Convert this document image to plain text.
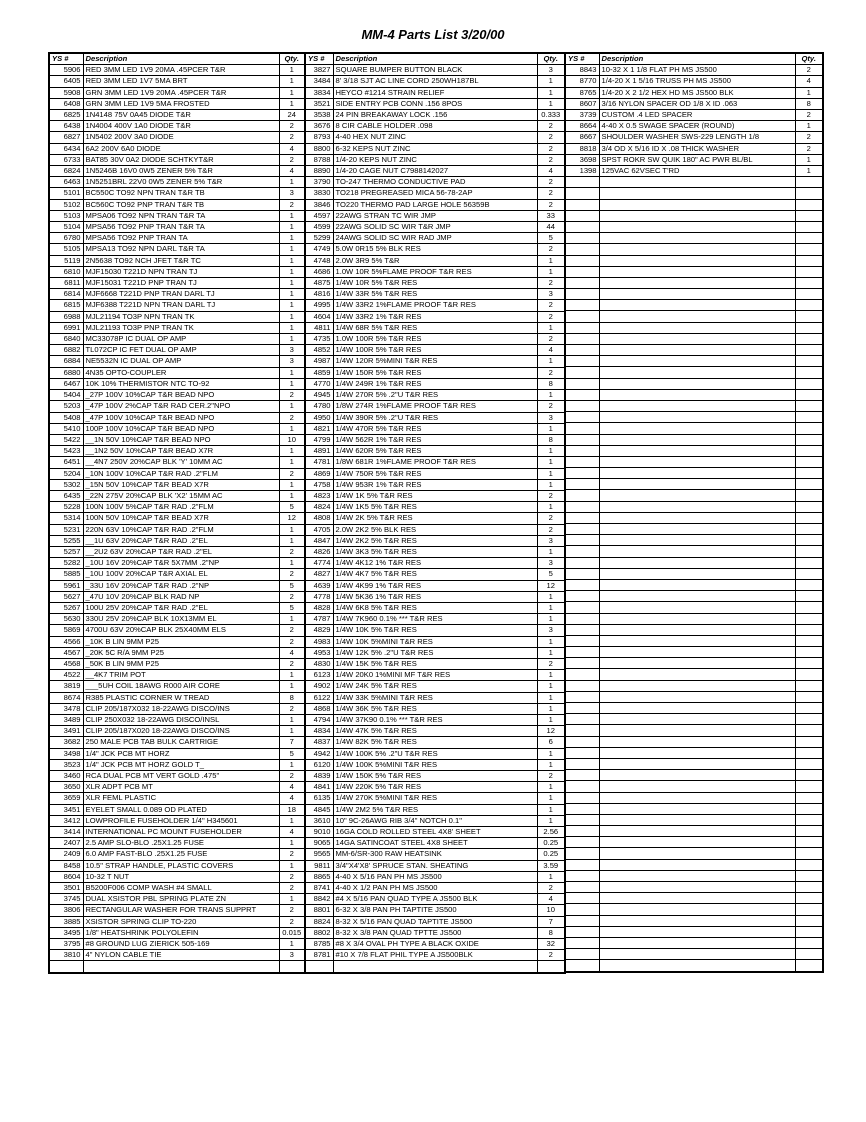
MM-4 Parts List 3/20/00
YS #	Description	Qty.
5906	RED 3MM LED 1V9 20MA .45PCER T&R	1
6405	RED 3MM LED 1V7 5MA BRT	1
5908	GRN 3MM LED 1V9 20MA .45PCER T&R	1
6408	GRN 3MM LED 1V9 5MA FROSTED	1
6825	1N4148 75V 0A45 DIODE T&R	24
6438	1N4004 400V 1A0 DIODE T&R	2
6827	1N5402 200V 3A0 DIODE	2
6434	6A2 200V 6A0 DIODE	4
6733	BAT85 30V 0A2 DIODE SCHTKYT&R	2
6824	1N5246B 16V0 0W5 ZENER 5% T&R	4
6463	1N5251BRL 22V0 0W5 ZENER 5% T&R	1
5101	BC550C TO92 NPN TRAN T&R TB	3
5102	BC560C TO92 PNP TRAN T&R TB	2
5103	MPSA06 TO92 NPN TRAN T&R TA	1
5104	MPSA56 TO92 PNP TRAN T&R TA	1
6780	MPSA56 TO92 PNP TRAN TA	1
5105	MPSA13 TO92 NPN DARL T&R TA	1
5119	2N5638 TO92 NCH JFET T&R TC	1
6810	MJF15030 T221D NPN TRAN TJ	1
6811	MJF15031 T221D PNP TRAN TJ	1
6814	MJF6668 T221D PNP TRAN DARL TJ	1
6815	MJF6388 T221D NPN TRAN DARL TJ	1
6988	MJL21194 TO3P NPN TRAN TK	1
6991	MJL21193 TO3P PNP TRAN TK	1
6840	MC33078P IC DUAL OP AMP	1
6882	TL072CP IC FET DUAL OP AMP	3
6884	NE5532N IC DUAL OP AMP	3
6880	4N35 OPTO-COUPLER	1
6467	10K 10% THERMISTOR NTC TO-92	1
5404	_27P 100V 10%CAP T&R BEAD NPO	2
5203	_47P 100V 2%CAP T&R RAD CER.2"NPO	1
5408	_47P 100V 10%CAP T&R BEAD NPO	2
5410	100P 100V 10%CAP T&R BEAD NPO	1
5422	__1N 50V 10%CAP T&R BEAD NPO	10
5423	__1N2 50V 10%CAP T&R BEAD X7R	1
6451	__4N7 250V 20%CAP BLK 'Y' 10MM AC	1
5204	_10N 100V 10%CAP T&R RAD .2"FLM	2
5302	_15N 50V 10%CAP T&R BEAD X7R	1
6435	_22N 275V 20%CAP BLK 'X2' 15MM AC	1
5228	100N 100V 5%CAP T&R RAD .2"FLM	5
5314	100N 50V 10%CAP T&R BEAD X7R	12
5231	220N 63V 10%CAP T&R RAD .2"FLM	1
5255	__1U 63V 20%CAP T&R RAD .2"EL	1
5257	__2U2 63V 20%CAP T&R RAD .2"EL	2
5282	_10U 16V 20%CAP T&R 5X7MM .2"NP	1
5885	_10U 100V 20%CAP T&R AXIAL EL	2
5961	_33U 16V 20%CAP T&R RAD .2"NP	5
5627	_47U 10V 20%CAP BLK RAD NP	2
5267	100U 25V 20%CAP T&R RAD .2"EL	5
5630	330U 25V 20%CAP BLK 10X13MM EL	1
5869	4700U 63V 20%CAP BLK 25X40MM ELS	2
4566	_10K B LIN 9MM P25	2
4567	_20K 5C R/A 9MM P25	4
4568	_50K B LIN 9MM P25	2
4522	__4K7 TRIM POT	1
3819	___5UH COIL 18AWG R000 AIR CORE	1
8674	R385 PLASTIC CORNER W TREAD	8
3478	CLIP 205/187X032 18-22AWG DISCO/INS	2
3489	CLIP 250X032 18-22AWG DISCO/INSL	1
3491	CLIP 205/187X020 18-22AWG DISCO/INS	1
3682	250 MALE PCB TAB BULK CARTRIGE	7
3498	1/4" JCK PCB MT HORZ	5
3523	1/4" JCK PCB MT HORZ GOLD T_	1
3460	RCA DUAL PCB MT VERT GOLD .475"	2
3650	XLR ADPT PCB MT	4
3659	XLR FEML PLASTIC	4
3451	EYELET SMALL 0.089 OD PLATED	18
3412	LOWPROFILE FUSEHOLDER 1/4" H345601	1
3414	INTERNATIONAL PC MOUNT FUSEHOLDER	4
2407	2.5 AMP SLO-BLO .25X1.25 FUSE	1
2409	6.0 AMP FAST-BLO .25X1.25 FUSE	2
8458	10.5" STRAP HANDLE, PLASTIC COVERS	1
8604	10-32 T NUT	2
3501	B5200F006 COMP WASH #4 SMALL	2
3745	DUAL XSISTOR PBL SPRING PLATE ZN	1
3806	RECTANGULAR WASHER FOR TRANS SUPPRT	2
3885	XSISTOR SPRING CLIP TO-220	2
3495	1/8" HEATSHRINK POLYOLEFIN	0.015
3795	#8 GROUND LUG ZIERICK 505-169	1
3810	4" NYLON CABLE TIE	3

YS #	Description	Qty.
3827	SQUARE BUMPER BUTTON BLACK	3
3484	8' 3/18 SJT AC LINE CORD 250WH187BL	1
3834	HEYCO #1214 STRAIN RELIEF	1
3521	SIDE ENTRY PCB CONN .156 8POS	1
3538	24 PIN BREAKAWAY LOCK .156	0.333
3676	8 CIR CABLE HOLDER .098	2
8793	4-40 HEX NUT ZINC	2
8800	6-32 KEPS NUT ZINC	2
8788	1/4-20 KEPS NUT ZINC	2
8890	1/4-20 CAGE NUT C7988142027	4
3790	TO-247 THERMO CONDUCTIVE PAD	2
3830	TO218 PREGREASED MICA 56-78-2AP	2
3846	TO220 THERMO PAD LARGE HOLE 56359B	2
4597	22AWG STRAN TC WIR JMP	33
4599	22AWG SOLID SC WIR T&R JMP	44
5299	24AWG SOLID SC WIR RAD JMP	5
4749	5.0W 0R15 5% BLK RES	2
4748	2.0W 3R9 5% T&R	1
4686	1.0W 10R 5%FLAME PROOF T&R RES	1
4875	1/4W 10R 5% T&R RES	2
4816	1/4W 33R 5% T&R RES	3
4995	1/4W 33R2 1%FLAME PROOF T&R RES	2
4604	1/4W 33R2 1% T&R RES	2
4811	1/4W 68R 5% T&R RES	1
4735	1.0W 100R 5% T&R RES	2
4852	1/4W 100R 5% T&R RES	4
4987	1/4W 120R 5%MINI T&R RES	1
4859	1/4W 150R 5% T&R RES	2
4770	1/4W 249R 1% T&R RES	8
4945	1/4W 270R 5% .2"U T&R RES	1
4780	1/8W 274R 1%FLAME PROOF T&R RES	2
4950	1/4W 390R 5% .2"U T&R RES	3
4821	1/4W 470R 5% T&R RES	1
4799	1/4W 562R 1% T&R RES	8
4891	1/4W 620R 5% T&R RES	1
4781	1/8W 681R 1%FLAME PROOF T&R RES	1
4869	1/4W 750R 5% T&R RES	1
4758	1/4W 953R 1% T&R RES	1
4823	1/4W 1K 5% T&R RES	2
4824	1/4W 1K5 5% T&R RES	1
4808	1/4W 2K 5% T&R RES	2
4705	2.0W 2K2 5% BLK RES	2
4847	1/4W 2K2 5% T&R RES	3
4826	1/4W 3K3 5% T&R RES	1
4774	1/4W 4K12 1% T&R RES	3
4827	1/4W 4K7 5% T&R RES	5
4639	1/4W 4K99 1% T&R RES	12
4778	1/4W 5K36 1% T&R RES	1
4828	1/4W 6K8 5% T&R RES	1
4787	1/4W 7K960 0.1% *** T&R RES	1
4829	1/4W 10K 5% T&R RES	3
4983	1/4W 10K 5%MINI T&R RES	1
4953	1/4W 12K 5% .2"U T&R RES	1
4830	1/4W 15K 5% T&R RES	2
6123	1/4W 20K0 1%MINI MF T&R RES	1
4902	1/4W 24K 5% T&R RES	1
6122	1/4W 33K 5%MINI T&R RES	1
4868	1/4W 36K 5% T&R RES	1
4794	1/4W 37K90 0.1% *** T&R RES	1
4834	1/4W 47K 5% T&R RES	12
4837	1/4W 82K 5% T&R RES	6
4942	1/4W 100K 5% .2"U T&R RES	1
6120	1/4W 100K 5%MINI T&R RES	1
4839	1/4W 150K 5% T&R RES	2
4841	1/4W 220K 5% T&R RES	1
6135	1/4W 270K 5%MINI T&R RES	1
4845	1/4W 2M2 5% T&R RES	1
3610	10" 9C-26AWG RIB 3/4" NOTCH 0.1"	1
9010	16GA COLD ROLLED STEEL 4X8' SHEET	2.56
9065	14GA SATINCOAT STEEL 4X8 SHEET	0.25
9565	MM-6/SR-300 RAW HEATSINK	0.25
9811	3/4"X4'X8' SPRUCE STAN. SHEATING	3.59
8865	4-40 X 5/16 PAN PH MS JS500	1
8741	4-40 X 1/2 PAN PH MS JS500	2
8842	#4 X 5/16 PAN QUAD TYPE A JS500 BLK	4
8801	6-32 X 3/8 PAN PH TAPTITE JS500	10
8824	8-32 X 5/16 PAN QUAD TAPTITE JS500	7
8802	8-32 X 3/8 PAN QUAD TPTTE JS500	8
8785	#8 X 3/4 OVAL PH TYPE A BLACK OXIDE	32
8781	#10 X 7/8 FLAT PHIL TYPE A JS500BLK	2

YS #	Description	Qty.
8843	10-32 X 1 1/8 FLAT PH MS JS500	2
8770	1/4-20 X 1 5/16 TRUSS PH MS JS500	4
8765	1/4-20 X 2 1/2 HEX HD MS JS500 BLK	1
8607	3/16 NYLON SPACER OD 1/8 X ID .063	8
3739	CUSTOM .4 LED SPACER	2
8664	4-40 X 0.5 SWAGE SPACER (ROUND)	1
8667	SHOULDER WASHER SWS-229 LENGTH 1/8	2
8818	3/4 OD X 5/16 ID X .08 THICK WASHER	2
3698	SPST ROKR SW QUIK 180" AC PWR BL/BL	1
1398	125VAC 62VSEC T'RD	1
